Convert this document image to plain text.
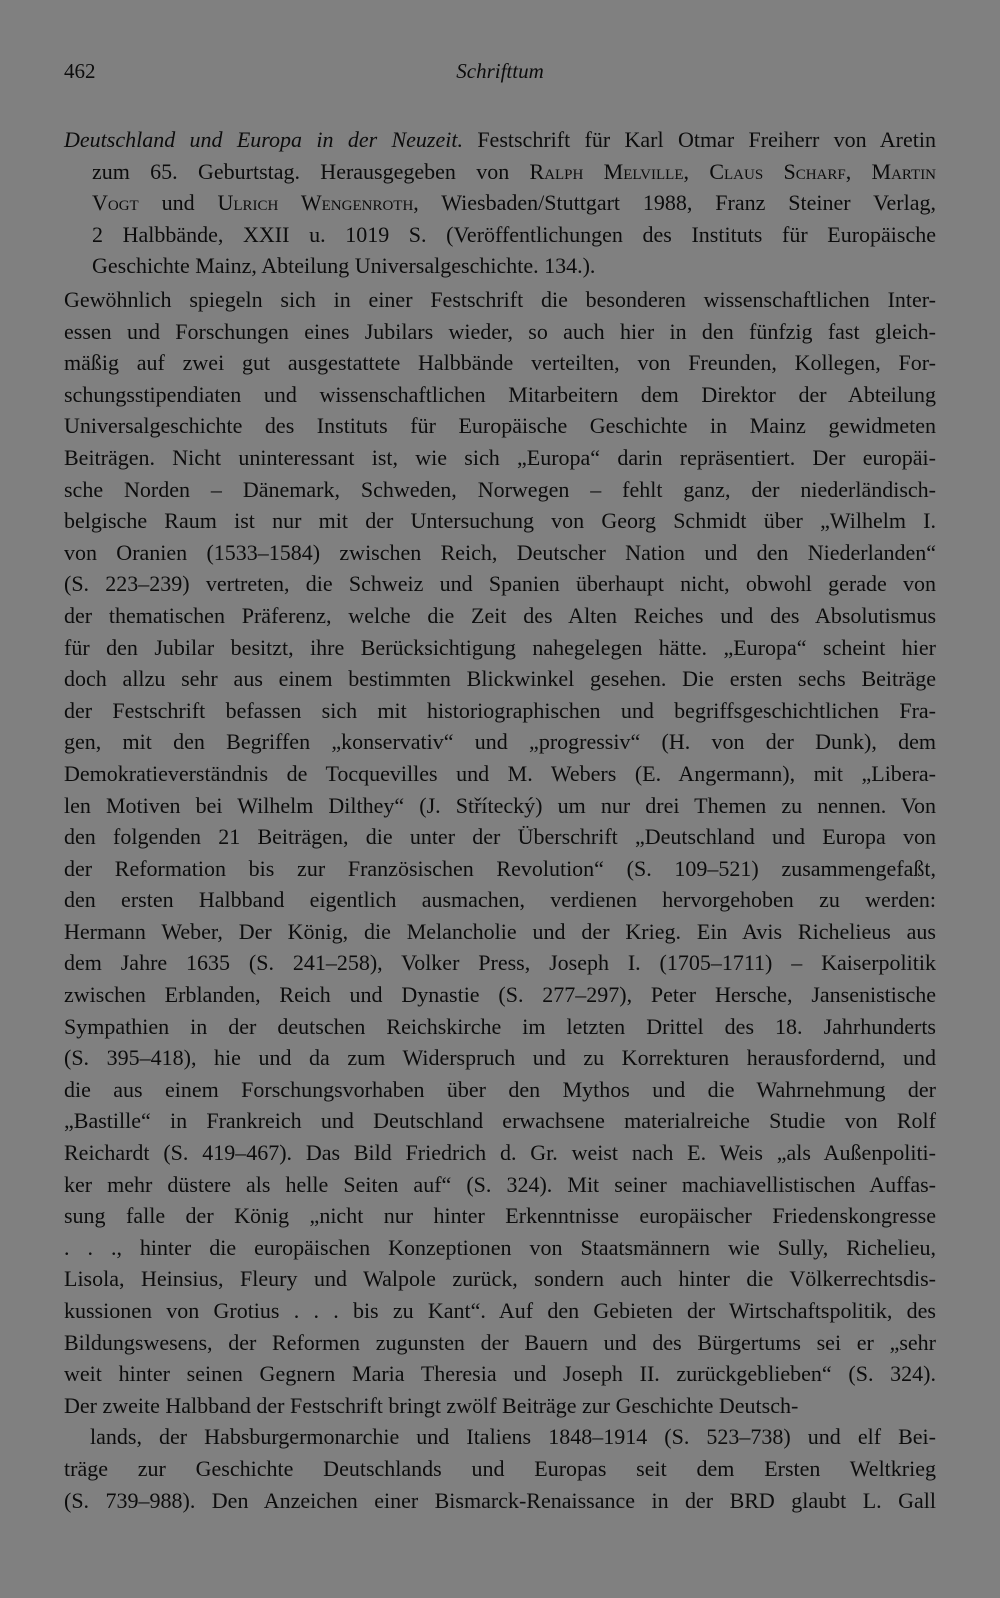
462	Schrifttum
Deutschland und Europa in der Neuzeit. Festschrift für Karl Otmar Freiherr von Aretin
zum 65. Geburtstag. Herausgegeben von Ralph Melville, Claus Scharf, Martin
Vogt und Ulrich Wengenroth, Wiesbaden/Stuttgart 1988, Franz Steiner Verlag,
2 Halbbände, XXII u. 1019 S. (Veröffentlichungen des Instituts für Europäische
Geschichte Mainz, Abteilung Universalgeschichte. 134.).
Gewöhnlich spiegeln sich in einer Festschrift die besonderen wissenschaftlichen Inter-
essen und Forschungen eines Jubilars wieder, so auch hier in den fünfzig fast gleich-
mäßig auf zwei gut ausgestattete Halbbände verteilten, von Freunden, Kollegen, For-
schungsstipendiaten und wissenschaftlichen Mitarbeitern dem Direktor der Abteilung
Universalgeschichte des Instituts für Europäische Geschichte in Mainz gewidmeten
Beiträgen. Nicht uninteressant ist, wie sich „Europa“ darin repräsentiert. Der europäi-
sche Norden – Dänemark, Schweden, Norwegen – fehlt ganz, der niederländisch-
belgische Raum ist nur mit der Untersuchung von Georg Schmidt über „Wilhelm I.
von Oranien (1533–1584) zwischen Reich, Deutscher Nation und den Niederlanden“
(S. 223–239) vertreten, die Schweiz und Spanien überhaupt nicht, obwohl gerade von
der thematischen Präferenz, welche die Zeit des Alten Reiches und des Absolutismus
für den Jubilar besitzt, ihre Berücksichtigung nahegelegen hätte. „Europa“ scheint hier
doch allzu sehr aus einem bestimmten Blickwinkel gesehen. Die ersten sechs Beiträge
der Festschrift befassen sich mit historiographischen und begriffsgeschichtlichen Fra-
gen, mit den Begriffen „konservativ“ und „progressiv“ (H. von der Dunk), dem
Demokratieverständnis de Tocquevilles und M. Webers (E. Angermann), mit „Libera-
len Motiven bei Wilhelm Dilthey“ (J. Střítecký) um nur drei Themen zu nennen. Von
den folgenden 21 Beiträgen, die unter der Überschrift „Deutschland und Europa von
der Reformation bis zur Französischen Revolution“ (S. 109–521) zusammengefaßt,
den ersten Halbband eigentlich ausmachen, verdienen hervorgehoben zu werden:
Hermann Weber, Der König, die Melancholie und der Krieg. Ein Avis Richelieus aus
dem Jahre 1635 (S. 241–258), Volker Press, Joseph I. (1705–1711) – Kaiserpolitik
zwischen Erblanden, Reich und Dynastie (S. 277–297), Peter Hersche, Jansenistische
Sympathien in der deutschen Reichskirche im letzten Drittel des 18. Jahrhunderts
(S. 395–418), hie und da zum Widerspruch und zu Korrekturen herausfordernd, und
die aus einem Forschungsvorhaben über den Mythos und die Wahrnehmung der
„Bastille“ in Frankreich und Deutschland erwachsene materialreiche Studie von Rolf
Reichardt (S. 419–467). Das Bild Friedrich d. Gr. weist nach E. Weis „als Außenpoliti-
ker mehr düstere als helle Seiten auf“ (S. 324). Mit seiner machiavellistischen Auffas-
sung falle der König „nicht nur hinter Erkenntnisse europäischer Friedenskongresse
. . ., hinter die europäischen Konzeptionen von Staatsmännern wie Sully, Richelieu,
Lisola, Heinsius, Fleury und Walpole zurück, sondern auch hinter die Völkerrechtsdis-
kussionen von Grotius . . . bis zu Kant“. Auf den Gebieten der Wirtschaftspolitik, des
Bildungswesens, der Reformen zugunsten der Bauern und des Bürgertums sei er „sehr
weit hinter seinen Gegnern Maria Theresia und Joseph II. zurückgeblieben“ (S. 324).
Der zweite Halbband der Festschrift bringt zwölf Beiträge zur Geschichte Deutsch-
lands, der Habsburgermonarchie und Italiens 1848–1914 (S. 523–738) und elf Bei-
träge zur Geschichte Deutschlands und Europas seit dem Ersten Weltkrieg
(S. 739–988). Den Anzeichen einer Bismarck-Renaissance in der BRD glaubt L. Gall
